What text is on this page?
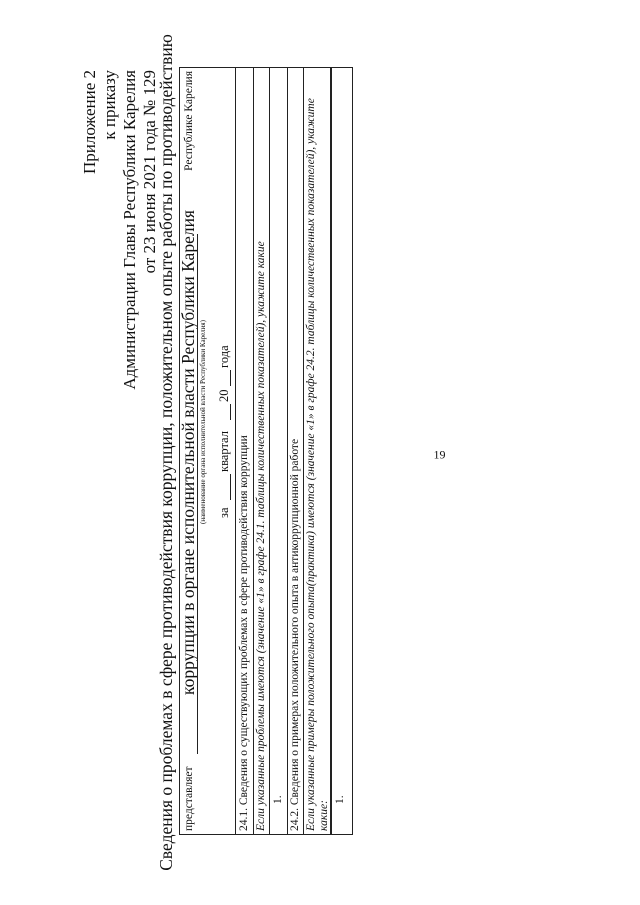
19
Приложение 2 к приказу Администрации Главы Республики Карелия от 23 июня 2021 года № 129
Сведения о проблемах в сфере противодействия коррупции, положительном опыте работы по противодействию коррупции в органе исполнительной власти Республики Карелия
представляет
Республике Карелия
(наименование органа исполнительной власти Республики Карелия) за
квартал
20
года
24.1. Сведения о существующих проблемах в сфере противодействия коррупции Если указанные проблемы имеются (значение «1» в графе 24.1. таблицы количественных показателей), укажите какие 1. 24.2. Сведения о примерах положительного опыта в антикоррупционной работе Если указанные примеры положительного опыта(практика) имеются (значение «1» в графе 24.2. таблицы количественных показателей), укажите какие:
1.
